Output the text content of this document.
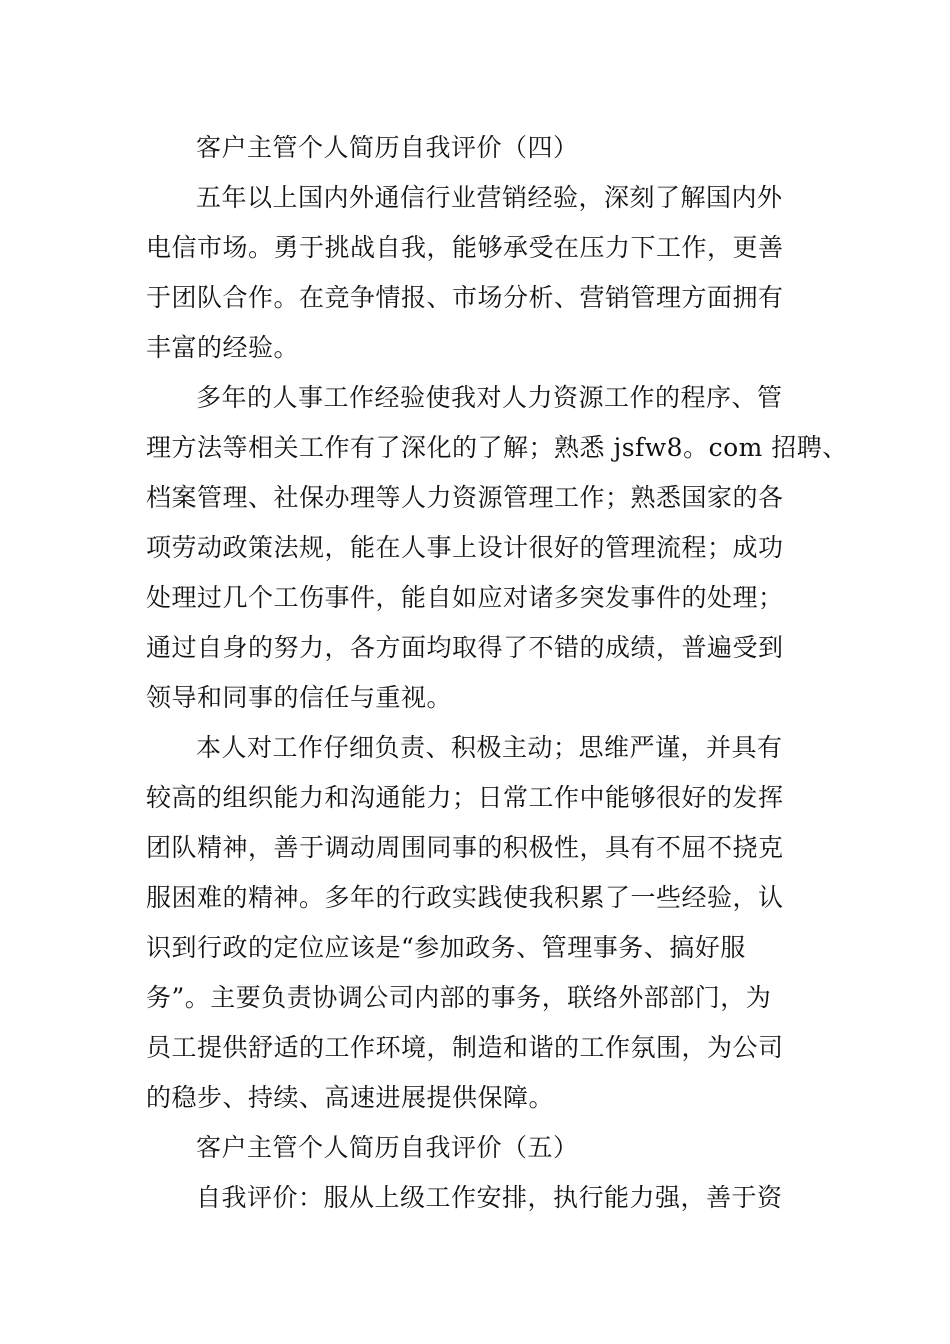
客户主管个人简历自我评价（四）
五年以上国内外通信行业营销经验，深刻了解国内外
电信市场。勇于挑战自我，能够承受在压力下工作，更善
于团队合作。在竞争情报、市场分析、营销管理方面拥有
丰富的经验。
多年的人事工作经验使我对人力资源工作的程序、管
理方法等相关工作有了深化的了解；熟悉 jsfw8。com 招聘、
档案管理、社保办理等人力资源管理工作；熟悉国家的各
项劳动政策法规，能在人事上设计很好的管理流程；成功
处理过几个工伤事件，能自如应对诸多突发事件的处理；
通过自身的努力，各方面均取得了不错的成绩，普遍受到
领导和同事的信任与重视。
本人对工作仔细负责、积极主动；思维严谨，并具有
较高的组织能力和沟通能力；日常工作中能够很好的发挥
团队精神，善于调动周围同事的积极性，具有不屈不挠克
服困难的精神。多年的行政实践使我积累了一些经验，认
识到行政的定位应该是“参加政务、管理事务、搞好服
务”。主要负责协调公司内部的事务，联络外部部门，为
员工提供舒适的工作环境，制造和谐的工作氛围，为公司
的稳步、持续、高速进展提供保障。
客户主管个人简历自我评价（五）
自我评价：服从上级工作安排，执行能力强，善于资
